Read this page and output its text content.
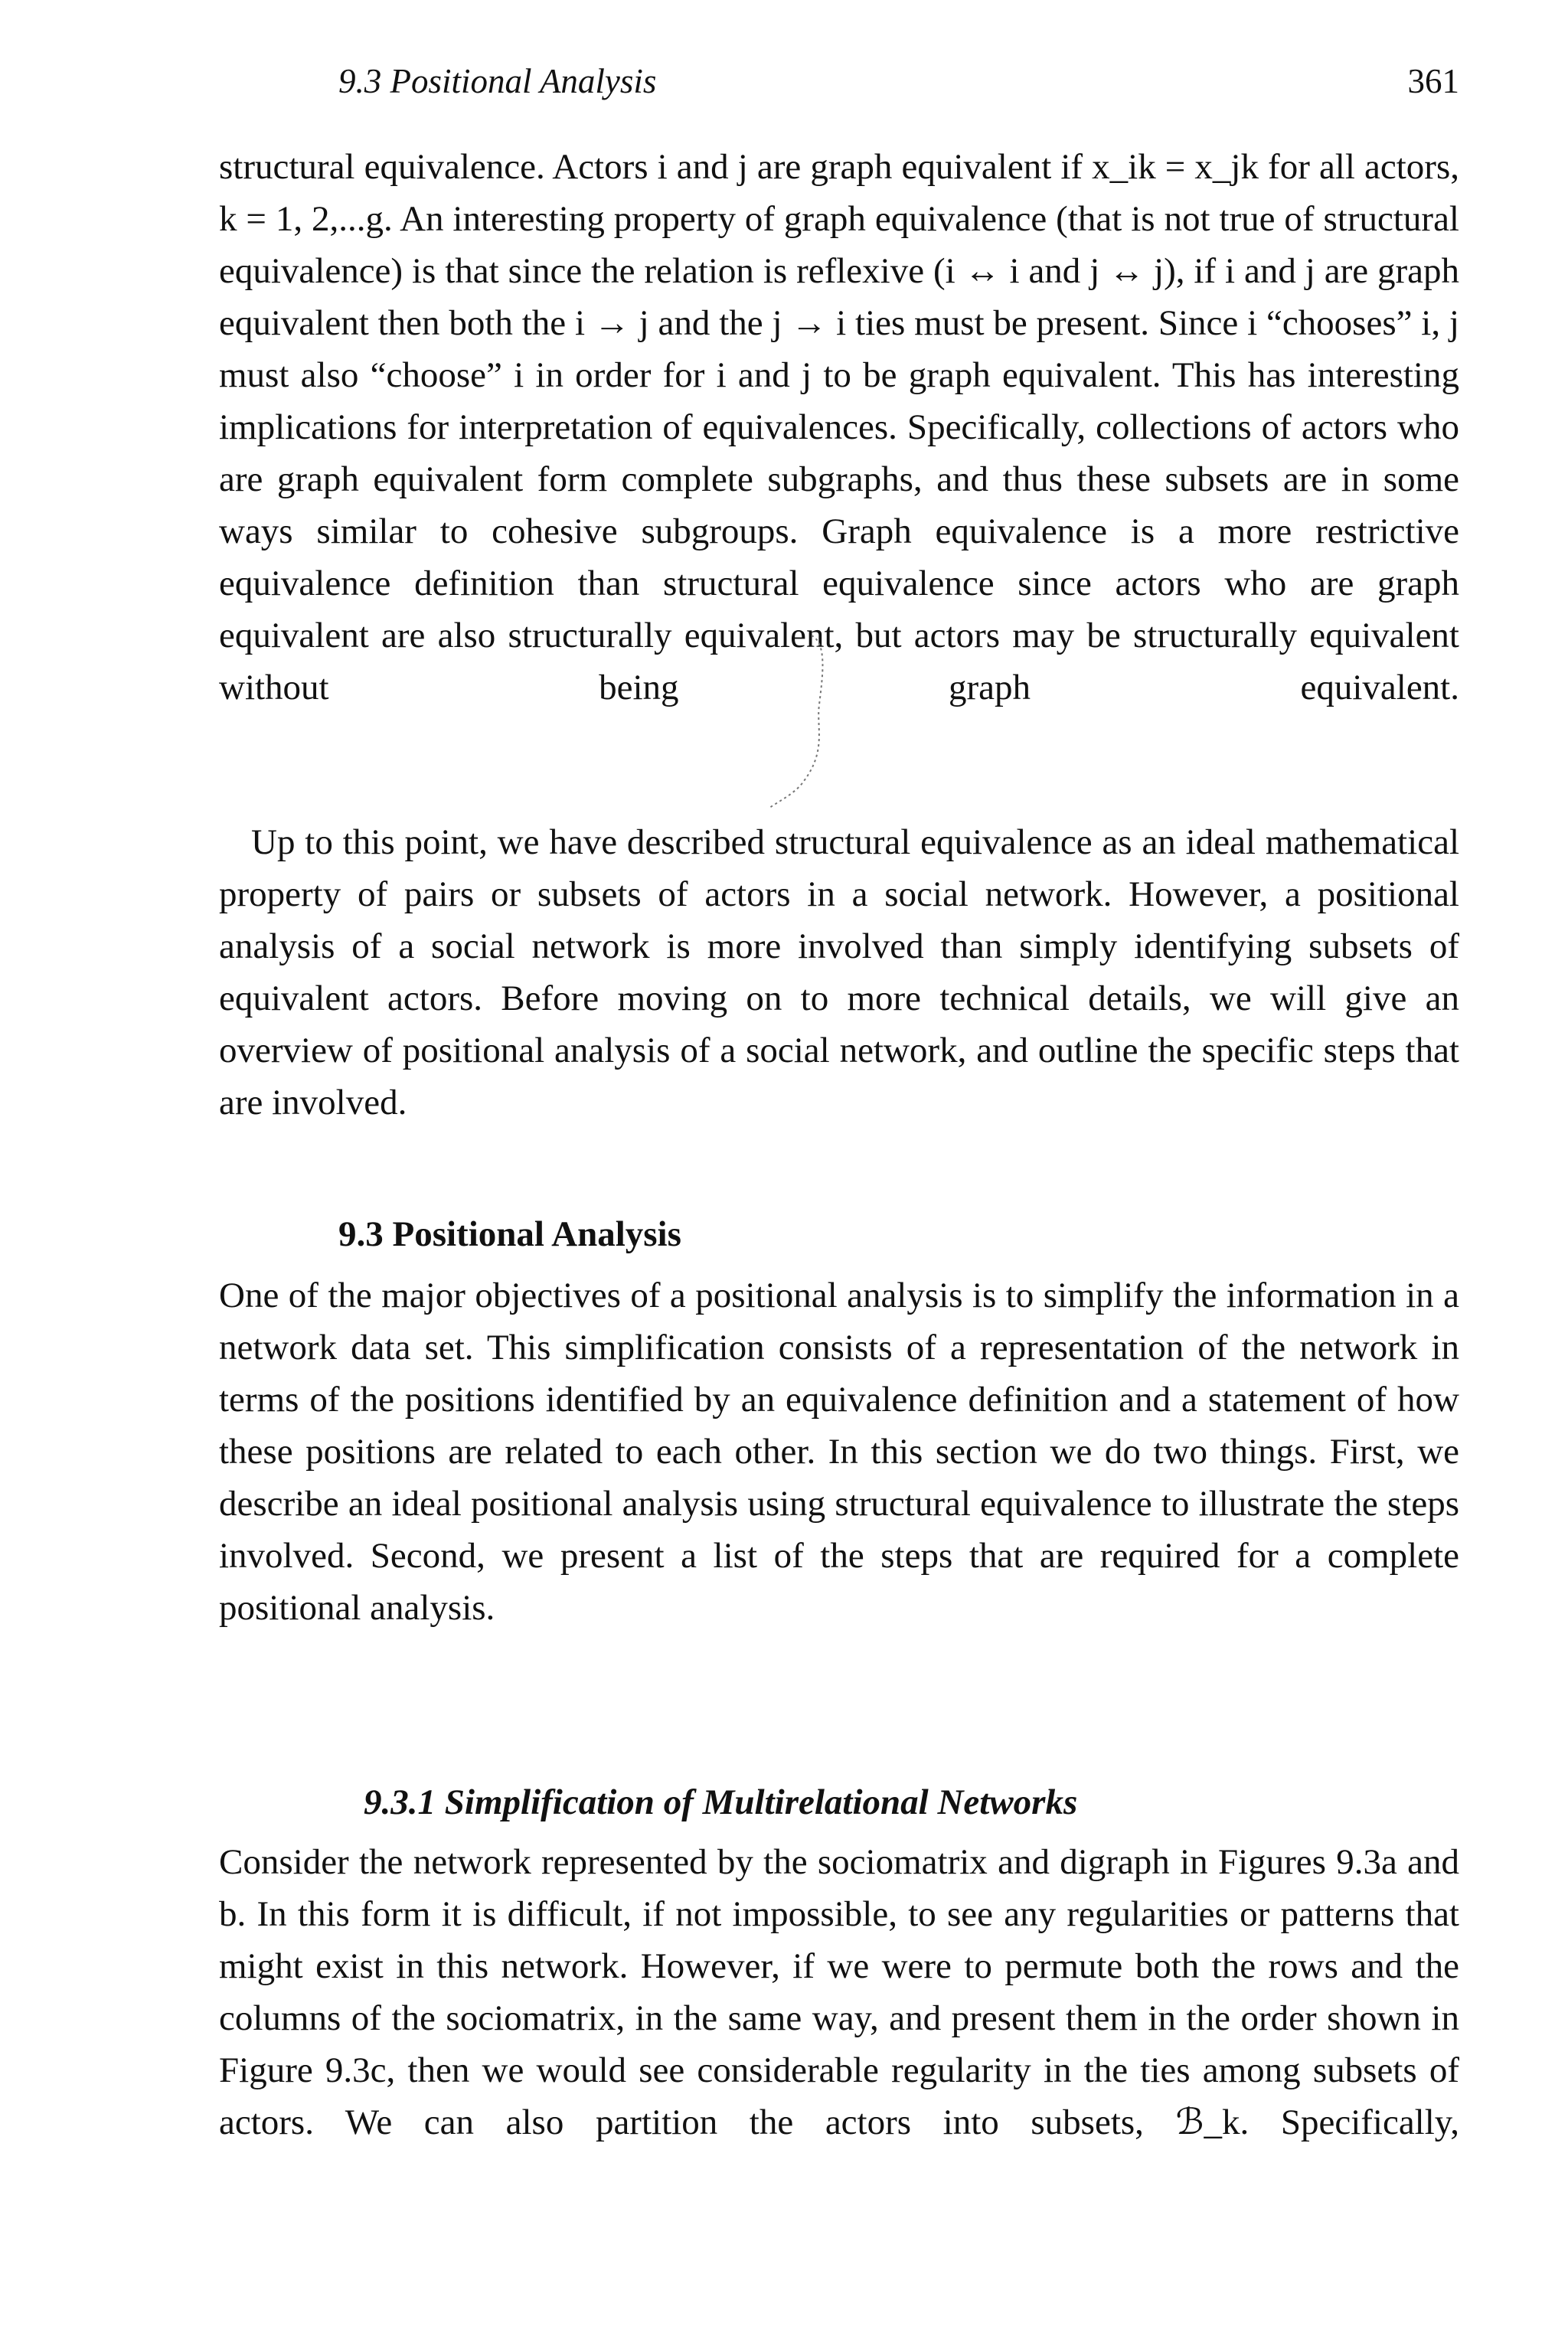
9.3 Positional Analysis	361
structural equivalence. Actors i and j are graph equivalent if x_ik = x_jk for all actors, k = 1, 2,...g. An interesting property of graph equivalence (that is not true of structural equivalence) is that since the relation is reflexive (i ↔ i and j ↔ j), if i and j are graph equivalent then both the i → j and the j → i ties must be present. Since i “chooses” i, j must also “choose” i in order for i and j to be graph equivalent. This has interesting implications for interpretation of equivalences. Specifically, collections of actors who are graph equivalent form complete subgraphs, and thus these subsets are in some ways similar to cohesive subgroups. Graph equivalence is a more restrictive equivalence definition than structural equivalence since actors who are graph equivalent are also structurally equivalent, but actors may be structurally equivalent without being graph equivalent.
Up to this point, we have described structural equivalence as an ideal mathematical property of pairs or subsets of actors in a social network. However, a positional analysis of a social network is more involved than simply identifying subsets of equivalent actors. Before moving on to more technical details, we will give an overview of positional analysis of a social network, and outline the specific steps that are involved.
9.3 Positional Analysis
One of the major objectives of a positional analysis is to simplify the information in a network data set. This simplification consists of a representation of the network in terms of the positions identified by an equivalence definition and a statement of how these positions are related to each other. In this section we do two things. First, we describe an ideal positional analysis using structural equivalence to illustrate the steps involved. Second, we present a list of the steps that are required for a complete positional analysis.
9.3.1 Simplification of Multirelational Networks
Consider the network represented by the sociomatrix and digraph in Figures 9.3a and b. In this form it is difficult, if not impossible, to see any regularities or patterns that might exist in this network. However, if we were to permute both the rows and the columns of the sociomatrix, in the same way, and present them in the order shown in Figure 9.3c, then we would see considerable regularity in the ties among subsets of actors. We can also partition the actors into subsets, ℬ_k. Specifically,
